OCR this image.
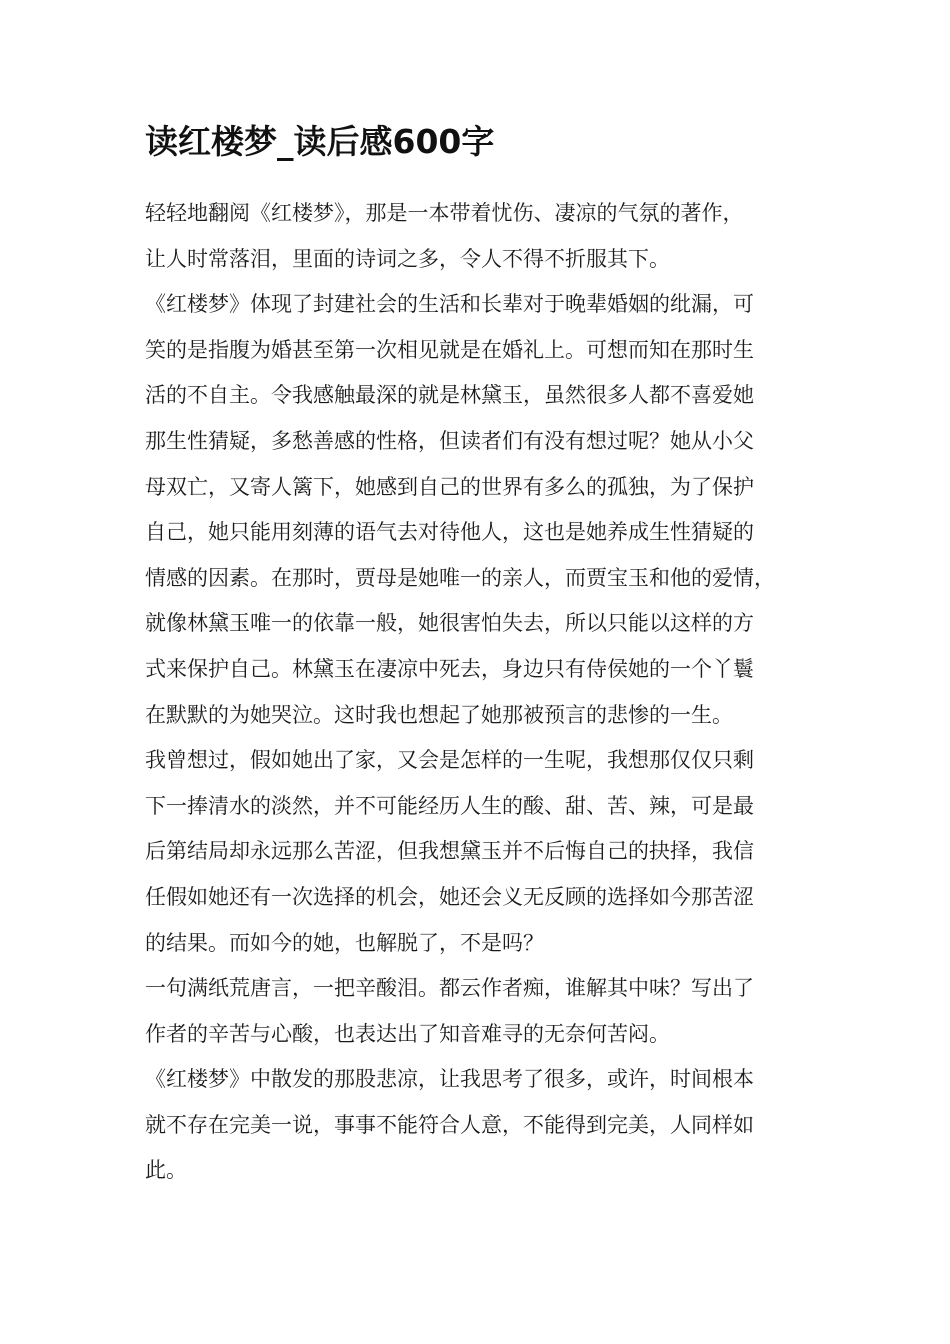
读红楼梦_读后感600字
轻轻地翻阅《红楼梦》，那是一本带着忧伤、凄凉的气氛的著作，
让人时常落泪，里面的诗词之多，令人不得不折服其下。
《红楼梦》体现了封建社会的生活和长辈对于晚辈婚姻的纰漏，可
笑的是指腹为婚甚至第一次相见就是在婚礼上。可想而知在那时生
活的不自主。令我感触最深的就是林黛玉，虽然很多人都不喜爱她
那生性猜疑，多愁善感的性格，但读者们有没有想过呢？她从小父
母双亡，又寄人篱下，她感到自己的世界有多么的孤独，为了保护
自己，她只能用刻薄的语气去对待他人，这也是她养成生性猜疑的
情感的因素。在那时，贾母是她唯一的亲人，而贾宝玉和他的爱情，
就像林黛玉唯一的依靠一般，她很害怕失去，所以只能以这样的方
式来保护自己。林黛玉在凄凉中死去，身边只有侍侯她的一个丫鬟
在默默的为她哭泣。这时我也想起了她那被预言的悲惨的一生。
我曾想过，假如她出了家，又会是怎样的一生呢，我想那仅仅只剩
下一捧清水的淡然，并不可能经历人生的酸、甜、苦、辣，可是最
后第结局却永远那么苦涩，但我想黛玉并不后悔自己的抉择，我信
任假如她还有一次选择的机会，她还会义无反顾的选择如今那苦涩
的结果。而如今的她，也解脱了，不是吗？
一句满纸荒唐言，一把辛酸泪。都云作者痴，谁解其中味？写出了
作者的辛苦与心酸，也表达出了知音难寻的无奈何苦闷。
《红楼梦》中散发的那股悲凉，让我思考了很多，或许，时间根本
就不存在完美一说，事事不能符合人意，不能得到完美，人同样如
此。
